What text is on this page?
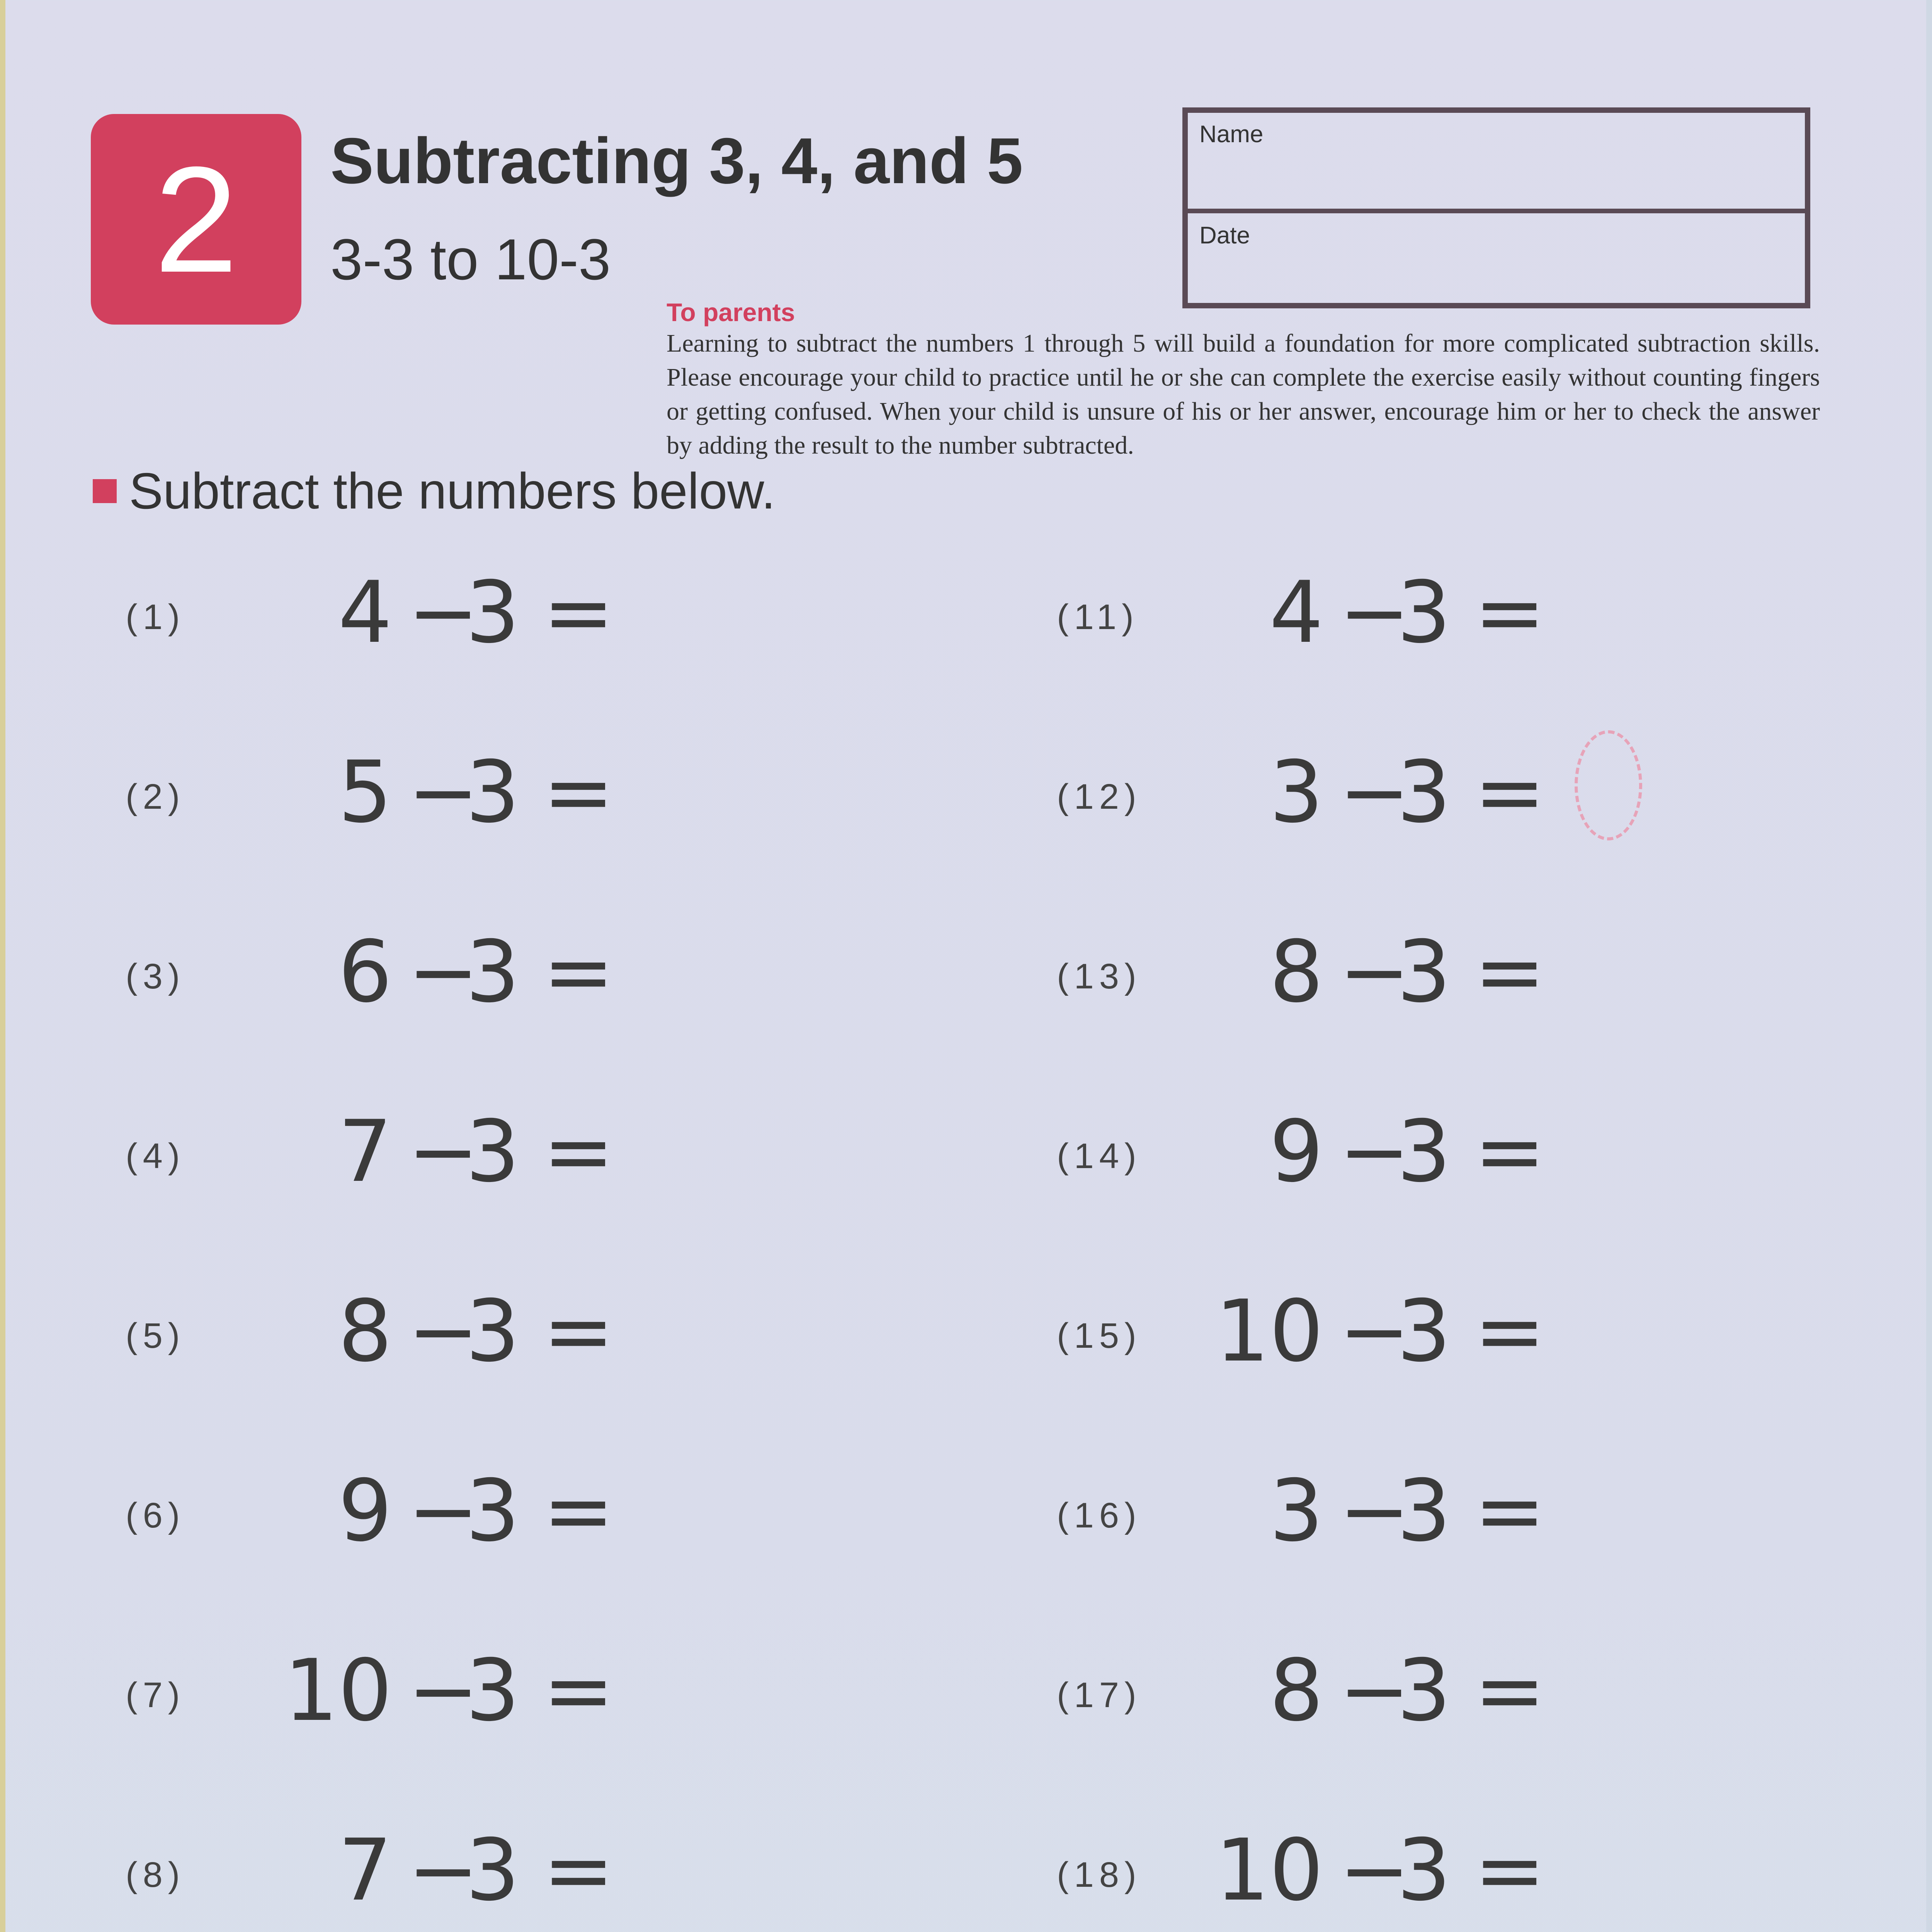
2 Subtracting 3, 4, and 5
3-3 to 10-3
Name
Date
To parents
Learning to subtract the numbers 1 through 5 will build a foundation for more complicated subtraction skills. Please encourage your child to practice until he or she can complete the exercise easily without counting fingers or getting confused. When your child is unsure of his or her answer, encourage him or her to check the answer by adding the result to the number subtracted.
Subtract the numbers below.
(1) 4 −
3 =
(2) 5 −
3 =
(3) 6 −
3 =
(4) 7 −
3 =
(5) 8 −
3 =
(6) 9 −
3 =
(7) 10 −
3 =
(8) 7 −
3 =
(11) 4 −
3 =
(12) 3 −
3 =
(13) 8 −
3 =
(14) 9 −
3 =
(15) 10 −
3 =
(16) 3 −
3 =
(17) 8 −
3 =
(18) 10 −
3 =
